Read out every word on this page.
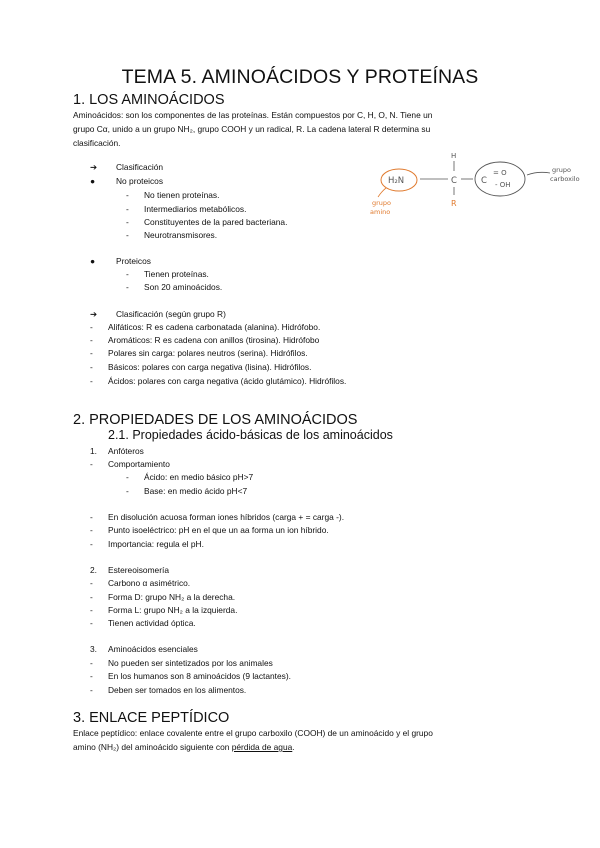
TEMA 5. AMINOÁCIDOS Y PROTEÍNAS
1. LOS AMINOÁCIDOS
Aminoácidos: son los componentes de las proteínas. Están compuestos por C, H, O, N. Tiene un
grupo Cα, unido a un grupo NH₂, grupo COOH y un radical, R. La cadena lateral R determina su
clasificación.
➔ Clasificación
● No proteicos
- No tienen proteínas.
- Intermediarios metabólicos.
- Constituyentes de la pared bacteriana.
- Neurotransmisores.
● Proteicos
- Tienen proteínas.
- Son 20 aminoácidos.
➔ Clasificación (según grupo R)
- Alifáticos: R es cadena carbonatada (alanina). Hidrófobo.
- Aromáticos: R es cadena con anillos (tirosina). Hidrófobo
- Polares sin carga: polares neutros (serina). Hidrófilos.
- Básicos: polares con carga negativa (lisina). Hidrófilos.
- Ácidos: polares con carga negativa (ácido glutámico). Hidrófilos.
H₂N
H
C
R
C
= O
- OH
grupo
carboxilo
grupo
amino
2. PROPIEDADES DE LOS AMINOÁCIDOS
2.1. Propiedades ácido-básicas de los aminoácidos
1. Anfóteros
- Comportamiento
- Ácido: en medio básico pH>7
- Base: en medio ácido pH<7
- En disolución acuosa forman iones híbridos (carga + = carga -).
- Punto isoeléctrico: pH en el que un aa forma un ion híbrido.
- Importancia: regula el pH.
2. Estereoisomería
- Carbono α asimétrico.
- Forma D: grupo NH₂ a la derecha.
- Forma L: grupo NH₂ a la izquierda.
- Tienen actividad óptica.
3. Aminoácidos esenciales
- No pueden ser sintetizados por los animales
- En los humanos son 8 aminoácidos (9 lactantes).
- Deben ser tomados en los alimentos.
3. ENLACE PEPTÍDICO
Enlace peptídico: enlace covalente entre el grupo carboxilo (COOH) de un aminoácido y el grupo
amino (NH₂) del aminoácido siguiente con pérdida de agua.
